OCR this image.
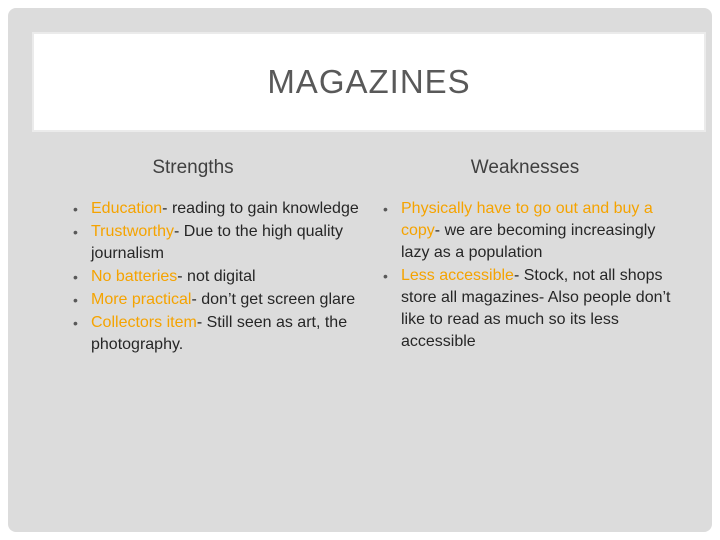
MAGAZINES
Strengths	Weaknesses
• Education- reading to gain knowledge
• Trustworthy- Due to the high quality journalism
• No batteries- not digital
• More practical- don’t get screen glare
• Collectors item- Still seen as art, the photography.
• Physically have to go out and buy a copy- we are becoming increasingly lazy as a population
• Less accessible- Stock, not all shops store all magazines- Also people don’t like to read as much so its less accessible
